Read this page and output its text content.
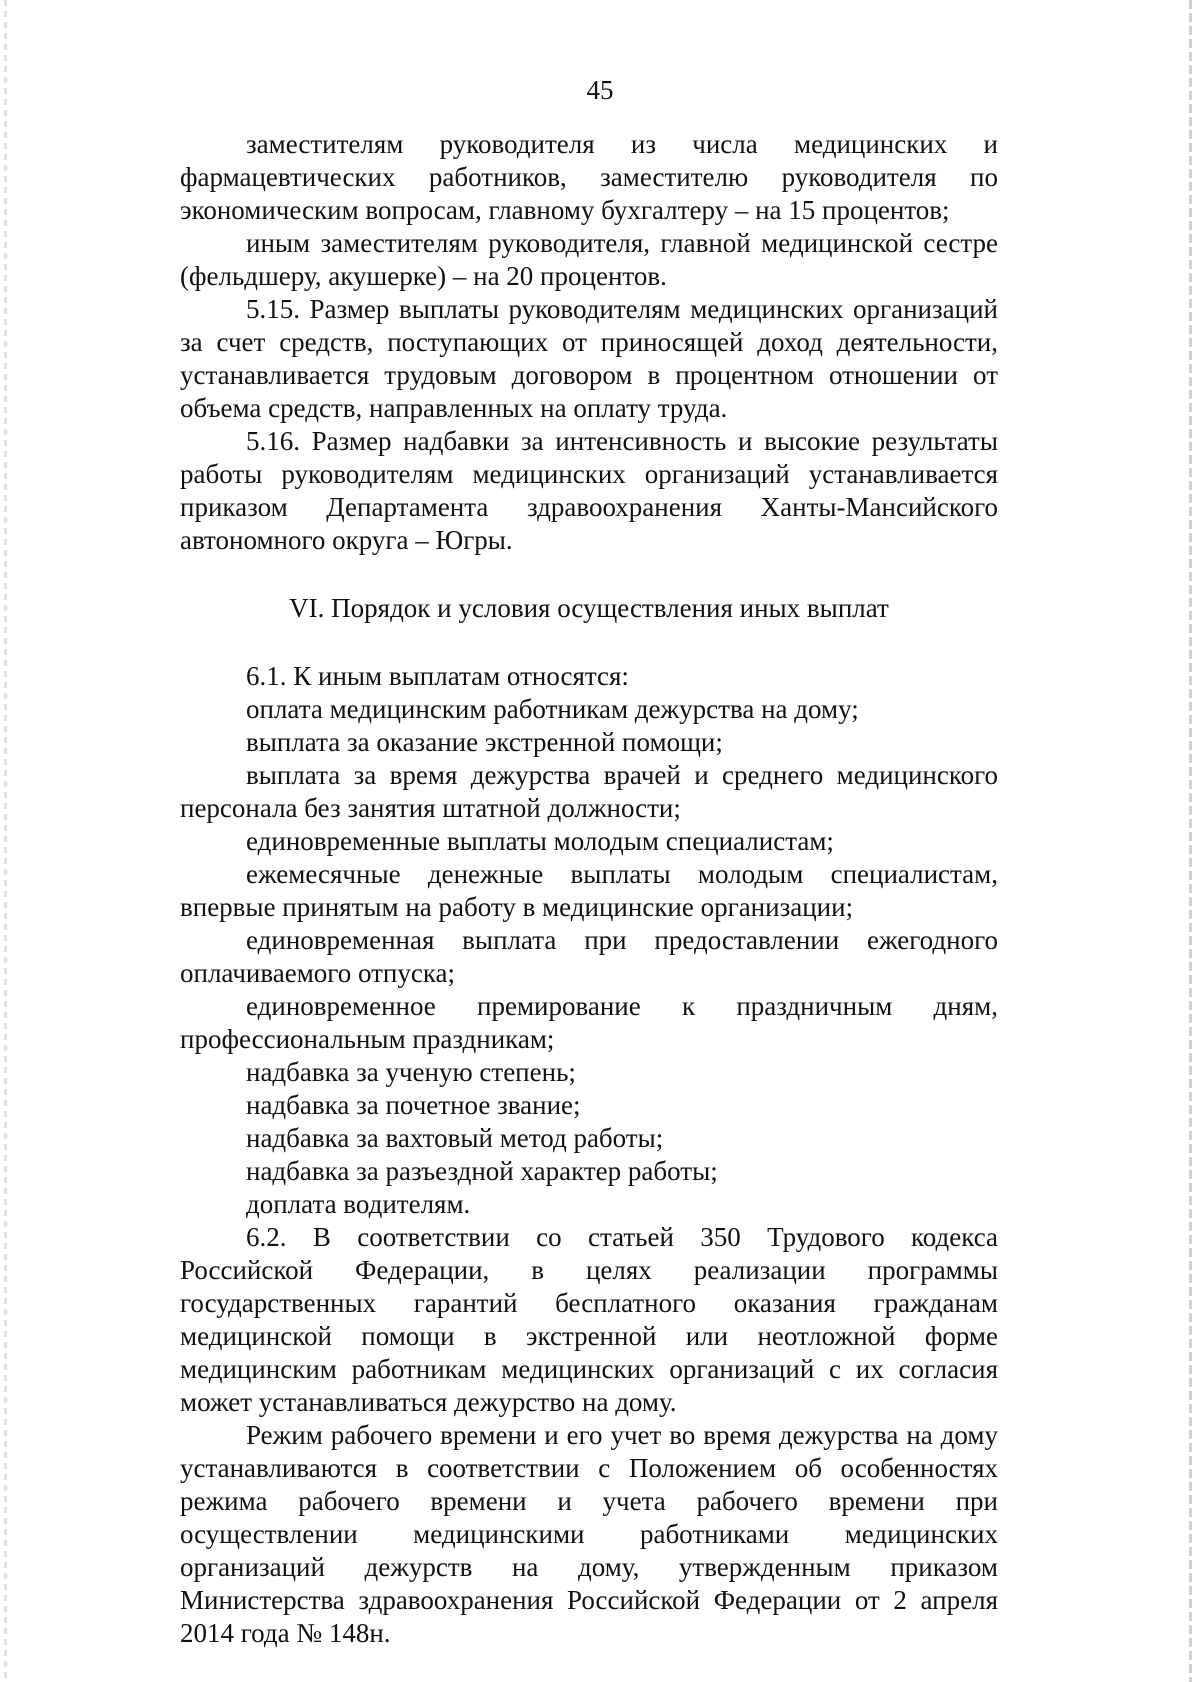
45

заместителям руководителя из числа медицинских и фармацевтических работников, заместителю руководителя по экономическим вопросам, главному бухгалтеру – на 15 процентов;

иным заместителям руководителя, главной медицинской сестре (фельдшеру, акушерке) – на 20 процентов.

5.15. Размер выплаты руководителям медицинских организаций за счет средств, поступающих от приносящей доход деятельности, устанавливается трудовым договором в процентном отношении от объема средств, направленных на оплату труда.

5.16. Размер надбавки за интенсивность и высокие результаты работы руководителям медицинских организаций устанавливается приказом Департамента здравоохранения Ханты-Мансийского автономного округа – Югры.

VI. Порядок и условия осуществления иных выплат

6.1. К иным выплатам относятся:

оплата медицинским работникам дежурства на дому;

выплата за оказание экстренной помощи;

выплата за время дежурства врачей и среднего медицинского персонала без занятия штатной должности;

единовременные выплаты молодым специалистам;

ежемесячные денежные выплаты молодым специалистам, впервые принятым на работу в медицинские организации;

единовременная выплата при предоставлении ежегодного оплачиваемого отпуска;

единовременное премирование к праздничным дням, профессиональным праздникам;

надбавка за ученую степень;

надбавка за почетное звание;

надбавка за вахтовый метод работы;

надбавка за разъездной характер работы;

доплата водителям.

6.2. В соответствии со статьей 350 Трудового кодекса Российской Федерации, в целях реализации программы государственных гарантий бесплатного оказания гражданам медицинской помощи в экстренной или неотложной форме медицинским работникам медицинских организаций с их согласия может устанавливаться дежурство на дому.

Режим рабочего времени и его учет во время дежурства на дому устанавливаются в соответствии с Положением об особенностях режима рабочего времени и учета рабочего времени при осуществлении медицинскими работниками медицинских организаций дежурств на дому, утвержденным приказом Министерства здравоохранения Российской Федерации от 2 апреля 2014 года № 148н.
